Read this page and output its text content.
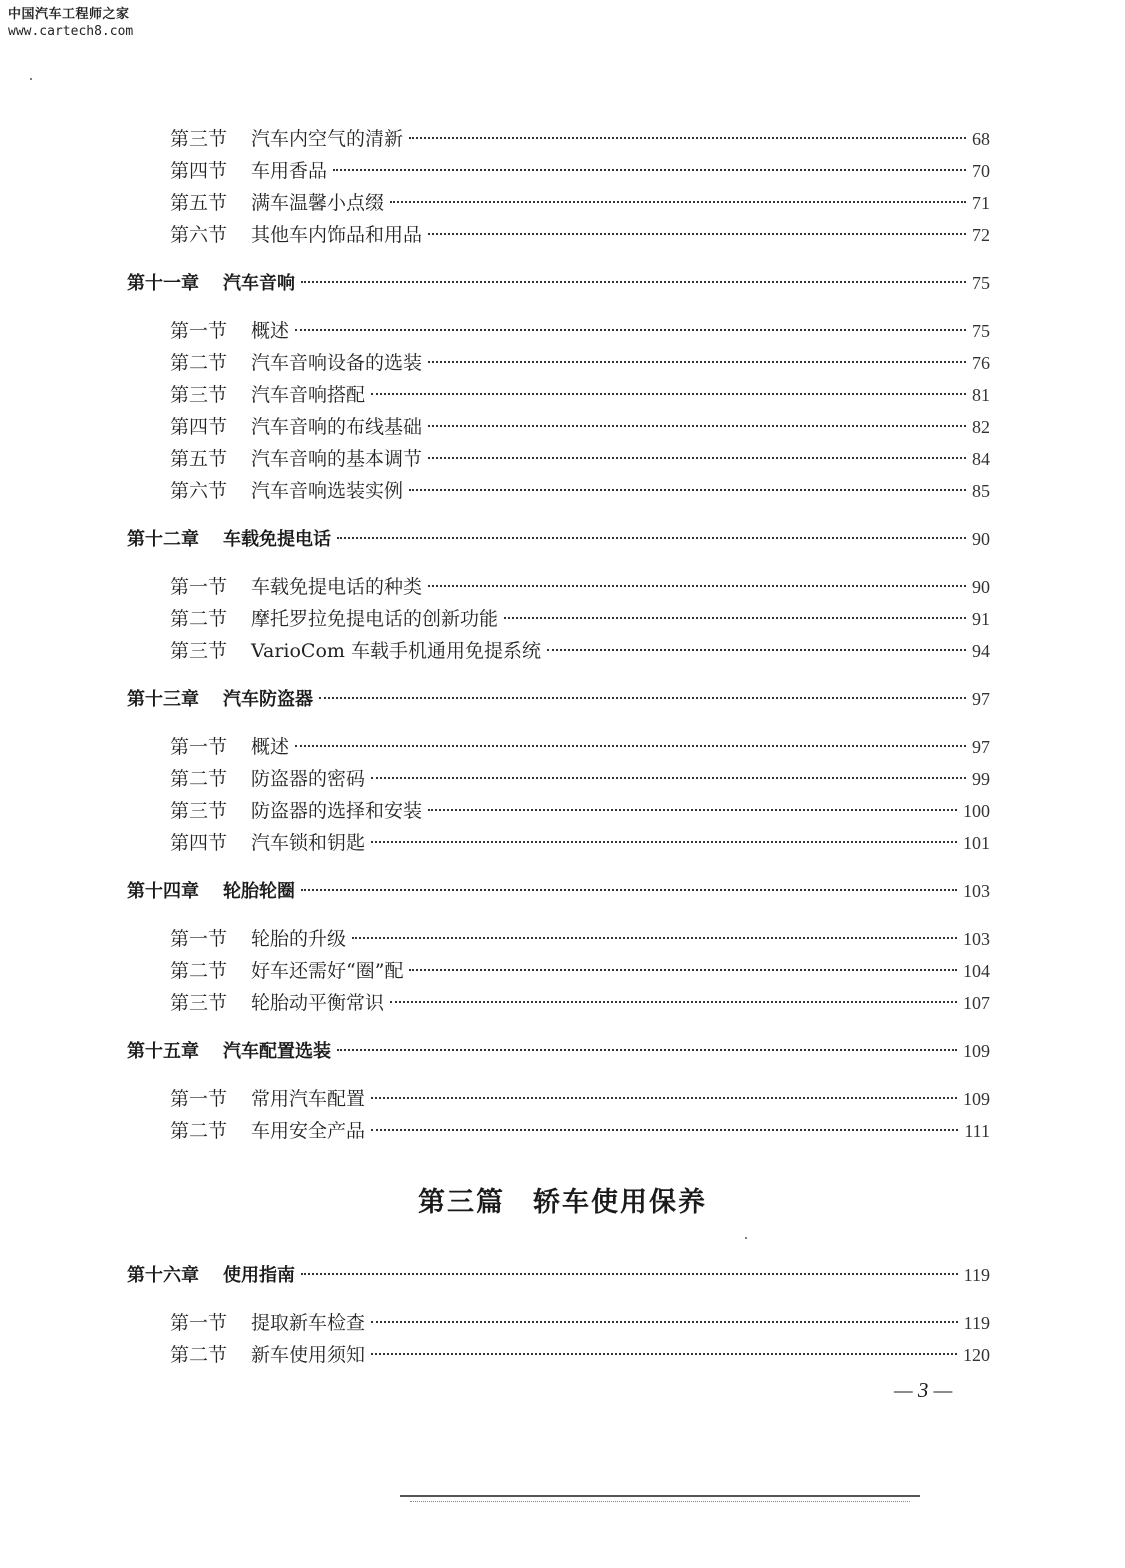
中国汽车工程师之家
www.cartech8.com
第三节 汽车内空气的清新	68
第四节 车用香品	70
第五节 满车温馨小点缀	71
第六节 其他车内饰品和用品	72
第十一章 汽车音响	75
第一节 概述	75
第二节 汽车音响设备的选装	76
第三节 汽车音响搭配	81
第四节 汽车音响的布线基础	82
第五节 汽车音响的基本调节	84
第六节 汽车音响选装实例	85
第十二章 车载免提电话	90
第一节 车载免提电话的种类	90
第二节 摩托罗拉免提电话的创新功能	91
第三节 VarioCom 车载手机通用免提系统	94
第十三章 汽车防盗器	97
第一节 概述	97
第二节 防盗器的密码	99
第三节 防盗器的选择和安装	100
第四节 汽车锁和钥匙	101
第十四章 轮胎轮圈	103
第一节 轮胎的升级	103
第二节 好车还需好“圈”配	104
第三节 轮胎动平衡常识	107
第十五章 汽车配置选装	109
第一节 常用汽车配置	109
第二节 车用安全产品	111
第十六章 使用指南	119
第一节 提取新车检查	119
第二节 新车使用须知	120
第三篇 轿车使用保养
— 3 —
